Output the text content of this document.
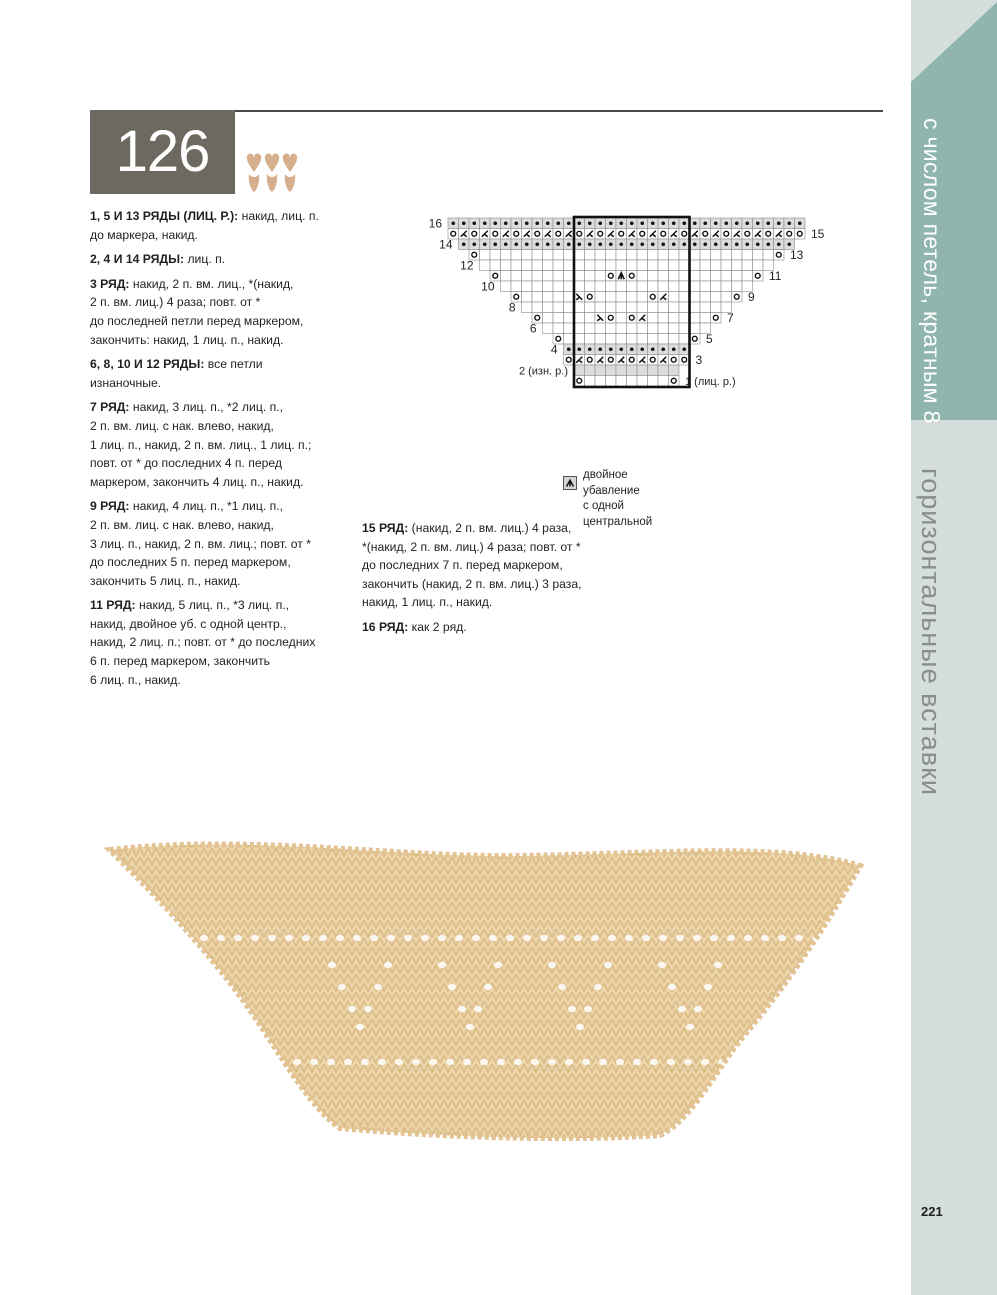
с числом петель, кратным 8
горизонтальные вставки
126

1, 5 И 13 РЯДЫ (ЛИЦ. Р.): накид, лиц. п.
до маркера, накид.

2, 4 И 14 РЯДЫ: лиц. п.

3 РЯД: накид, 2 п. вм. лиц., *(накид,
2 п. вм. лиц.) 4 раза; повт. от *
до последней петли перед маркером,
закончить: накид, 1 лиц. п., накид.

6, 8, 10 И 12 РЯДЫ: все петли
изнаночные.

7 РЯД: накид, 3 лиц. п., *2 лиц. п.,
2 п. вм. лиц. с нак. влево, накид,
1 лиц. п., накид, 2 п. вм. лиц., 1 лиц. п.;
повт. от * до последних 4 п. перед
маркером, закончить 4 лиц. п., накид.

9 РЯД: накид, 4 лиц. п., *1 лиц. п.,
2 п. вм. лиц. с нак. влево, накид,
3 лиц. п., накид, 2 п. вм. лиц.; повт. от *
до последних 5 п. перед маркером,
закончить 5 лиц. п., накид.

11 РЯД: накид, 5 лиц. п., *3 лиц. п.,
накид, двойное уб. с одной центр.,
накид, 2 лиц. п.; повт. от * до последних
6 п. перед маркером, закончить
6 лиц. п., накид.

15 РЯД: (накид, 2 п. вм. лиц.) 4 раза,
*(накид, 2 п. вм. лиц.) 4 раза; повт. от *
до последних 7 п. перед маркером,
закончить (накид, 2 п. вм. лиц.) 3 раза,
накид, 1 лиц. п., накид.

16 РЯД: как 2 ряд.

16
14
12
10
8
6
4
2 (изн. р.)
15
13
11
9
7
5
3
1 (лиц. р.)
двойное убавление
с одной центральной
221
